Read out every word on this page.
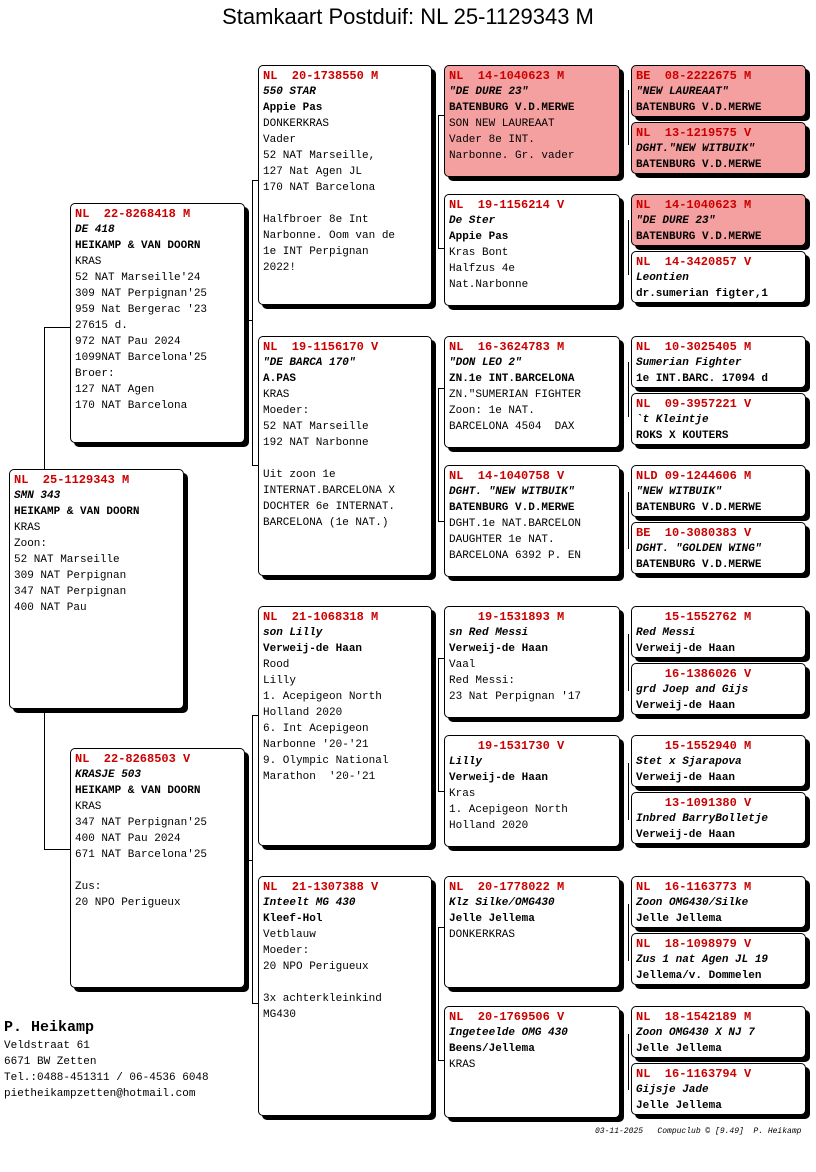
Stamkaart Postduif: NL 25-1129343 M
NL  25-1129343 M
SMN 343
HEIKAMP & VAN DOORN
KRAS
Zoon:
52 NAT Marseille
309 NAT Perpignan
347 NAT Perpignan
400 NAT Pau
NL  22-8268418 M
DE 418
HEIKAMP & VAN DOORN
KRAS
52 NAT Marseille'24
309 NAT Perpignan'25
959 Nat Bergerac '23
27615 d.
972 NAT Pau 2024
1099NAT Barcelona'25
Broer:
127 NAT Agen
170 NAT Barcelona
NL  22-8268503 V
KRASJE 503
HEIKAMP & VAN DOORN
KRAS
347 NAT Perpignan'25
400 NAT Pau 2024
671 NAT Barcelona'25
Zus:
20 NPO Perigueux
NL  20-1738550 M
550 STAR
Appie Pas
DONKERKRAS
Vader
52 NAT Marseille,
127 Nat Agen JL
170 NAT Barcelona
Halfbroer 8e Int
Narbonne. Oom van de
1e INT Perpignan
2022!
NL  19-1156170 V
"DE BARCA 170"
A.PAS
KRAS
Moeder:
52 NAT Marseille
192 NAT Narbonne
Uit zoon 1e
INTERNAT.BARCELONA X
DOCHTER 6e INTERNAT.
BARCELONA (1e NAT.)
NL  21-1068318 M
son Lilly
Verweij-de Haan
Rood
Lilly
1. Acepigeon North
Holland 2020
6. Int Acepigeon
Narbonne '20-'21
9. Olympic National
Marathon  '20-'21
NL  21-1307388 V
Inteelt MG 430
Kleef-Hol
Vetblauw
Moeder:
20 NPO Perigueux
3x achterkleinkind
MG430
NL  14-1040623 M
"DE DURE 23"
BATENBURG V.D.MERWE
SON NEW LAUREAAT
Vader 8e INT.
Narbonne. Gr. vader
NL  19-1156214 V
De Ster
Appie Pas
Kras Bont
Halfzus 4e
Nat.Narbonne
NL  16-3624783 M
"DON LEO 2"
ZN.1e INT.BARCELONA
ZN."SUMERIAN FIGHTER
Zoon: 1e NAT.
BARCELONA 4504  DAX
NL  14-1040758 V
DGHT. "NEW WITBUIK"
BATENBURG V.D.MERWE
DGHT.1e NAT.BARCELON
DAUGHTER 1e NAT.
BARCELONA 6392 P. EN
19-1531893 M
sn Red Messi
Verweij-de Haan
Vaal
Red Messi:
23 Nat Perpignan '17
19-1531730 V
Lilly
Verweij-de Haan
Kras
1. Acepigeon North
Holland 2020
NL  20-1778022 M
Klz Silke/OMG430
Jelle Jellema
DONKERKRAS
NL  20-1769506 V
Ingeteelde OMG 430
Beens/Jellema
KRAS
BE  08-2222675 M
"NEW LAUREAAT"
BATENBURG V.D.MERWE
NL  13-1219575 V
DGHT."NEW WITBUIK"
BATENBURG V.D.MERWE
NL  14-1040623 M
"DE DURE 23"
BATENBURG V.D.MERWE
NL  14-3420857 V
Leontien
dr.sumerian figter,1
NL  10-3025405 M
Sumerian Fighter
1e INT.BARC. 17094 d
NL  09-3957221 V
`t Kleintje
ROKS X KOUTERS
NLD 09-1244606 M
"NEW WITBUIK"
BATENBURG V.D.MERWE
BE  10-3080383 V
DGHT. "GOLDEN WING"
BATENBURG V.D.MERWE
15-1552762 M
Red Messi
Verweij-de Haan
16-1386026 V
grd Joep and Gijs
Verweij-de Haan
15-1552940 M
Stet x Sjarapova
Verweij-de Haan
13-1091380 V
Inbred BarryBolletje
Verweij-de Haan
NL  16-1163773 M
Zoon OMG430/Silke
Jelle Jellema
NL  18-1098979 V
Zus 1 nat Agen JL 19
Jellema/v. Dommelen
NL  18-1542189 M
Zoon OMG430 X NJ 7
Jelle Jellema
NL  16-1163794 V
Gijsje Jade
Jelle Jellema
P. Heikamp
Veldstraat 61
6671 BW Zetten
Tel.:0488-451311 / 06-4536 6048
pietheikampzetten@hotmail.com
03-11-2025   Compuclub © [9.49]  P. Heikamp
